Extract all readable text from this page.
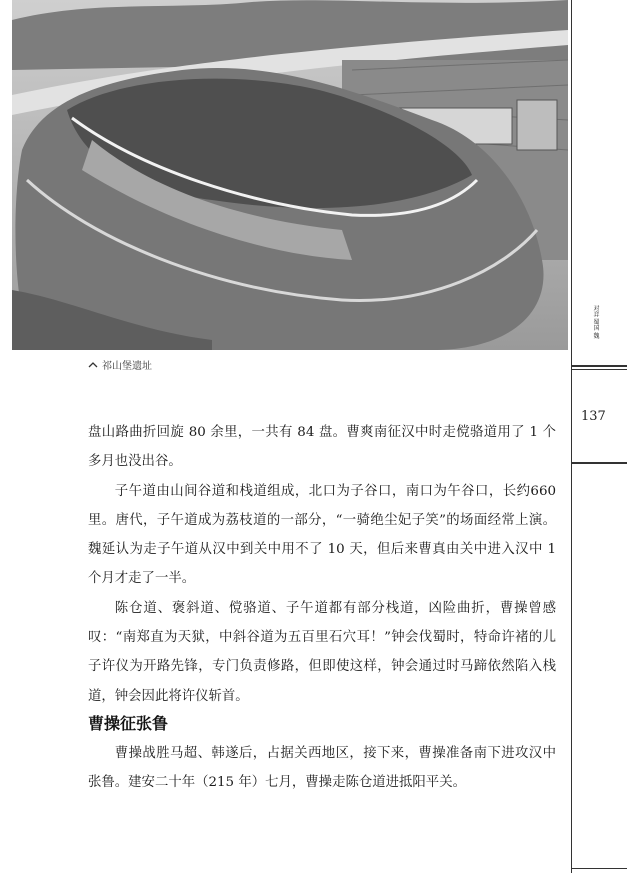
祁山堡遗址
对弈 蜀国 魏
137

盘山路曲折回旋 80 余里，一共有 84 盘。曹爽南征汉中时走傥骆道用了 1 个多月也没出谷。

子午道由山间谷道和栈道组成，北口为子谷口，南口为午谷口，长约660里。唐代，子午道成为荔枝道的一部分，“一骑绝尘妃子笑”的场面经常上演。魏延认为走子午道从汉中到关中用不了 10 天，但后来曹真由关中进入汉中 1 个月才走了一半。

陈仓道、褒斜道、傥骆道、子午道都有部分栈道，凶险曲折，曹操曾感叹：“南郑直为天狱，中斜谷道为五百里石穴耳！”钟会伐蜀时，特命许褚的儿子许仪为开路先锋，专门负责修路，但即使这样，钟会通过时马蹄依然陷入栈道，钟会因此将许仪斩首。

曹操征张鲁

曹操战胜马超、韩遂后，占据关西地区，接下来，曹操准备南下进攻汉中张鲁。建安二十年（215 年）七月，曹操走陈仓道进抵阳平关。
